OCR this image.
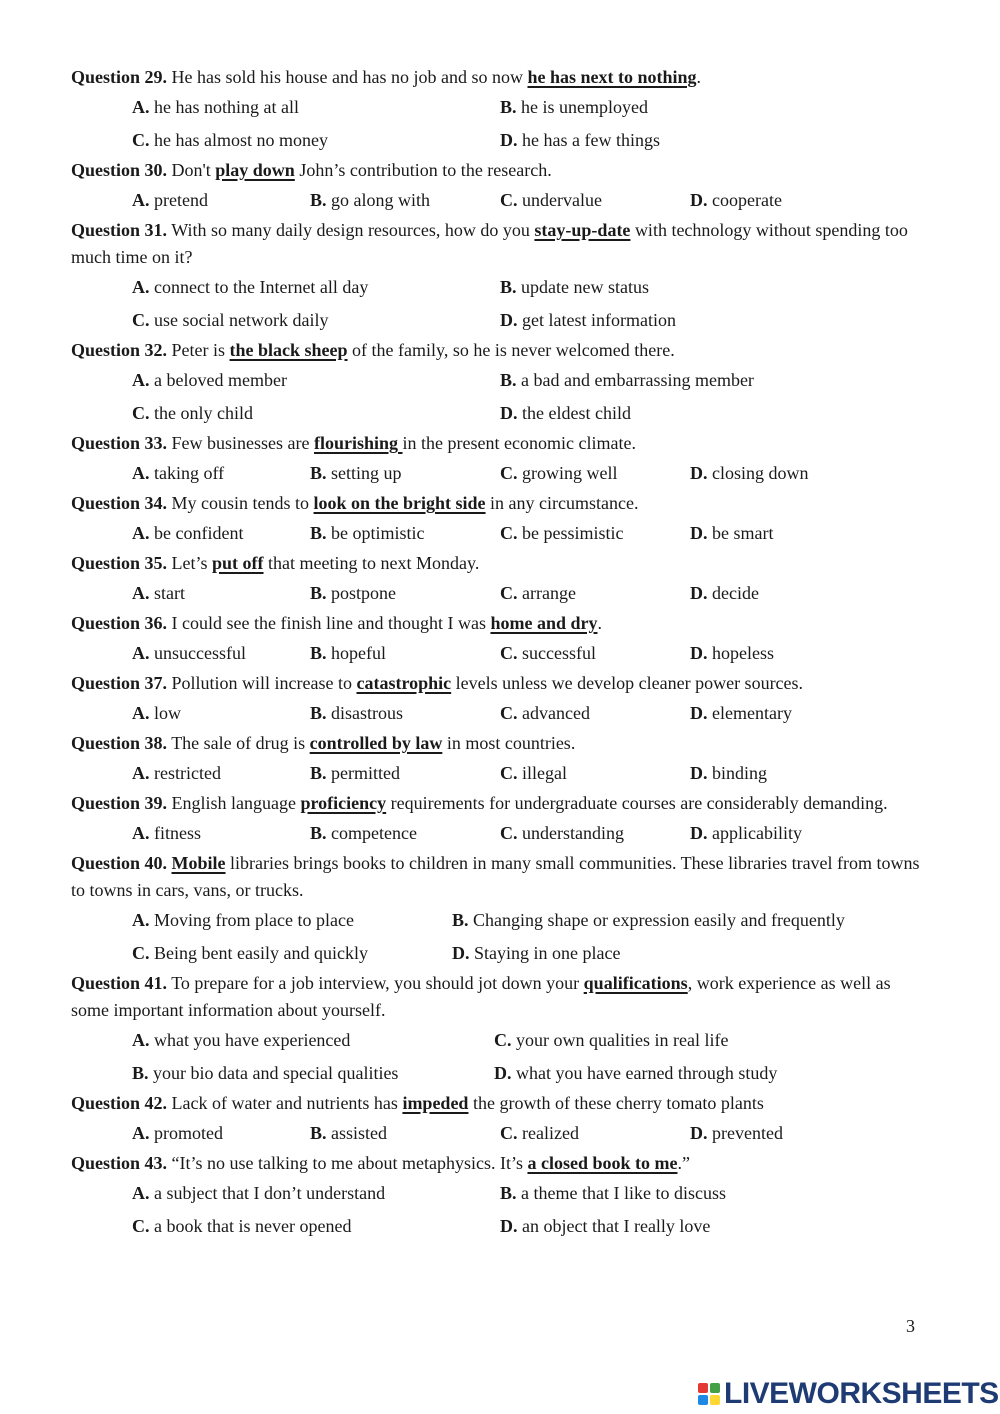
Question 29. He has sold his house and has no job and so now he has next to nothing.

A. he has nothing at all	B. he is unemployed
C. he has almost no money	D. he has a few things

Question 30. Don't play down John’s contribution to the research.

A. pretend	B. go along with	C. undervalue	D. cooperate

Question 31. With so many daily design resources, how do you stay-up-date with technology without spending too much time on it?

A. connect to the Internet all day	B. update new status
C. use social network daily	D. get latest information

Question 32. Peter is the black sheep of the family, so he is never welcomed there.

A. a beloved member	B. a bad and embarrassing member
C. the only child	D. the eldest child

Question 33. Few businesses are flourishing in the present economic climate.

A. taking off	B. setting up	C. growing well	D. closing down

Question 34. My cousin tends to look on the bright side in any circumstance.

A. be confident	B. be optimistic	C. be pessimistic	D. be smart

Question 35. Let’s put off that meeting to next Monday.

A. start	B. postpone	C. arrange	D. decide

Question 36. I could see the finish line and thought I was home and dry.

A. unsuccessful	B. hopeful	C. successful	D. hopeless

Question 37. Pollution will increase to catastrophic levels unless we develop cleaner power sources.

A. low	B. disastrous	C. advanced	D. elementary

Question 38. The sale of drug is controlled by law in most countries.

A. restricted	B. permitted	C. illegal	D. binding

Question 39. English language proficiency requirements for undergraduate courses are considerably demanding.

A. fitness	B. competence	C. understanding	D. applicability

Question 40. Mobile libraries brings books to children in many small communities. These libraries travel from towns to towns in cars, vans, or trucks.

A. Moving from place to place	B. Changing shape or expression easily and frequently
C. Being bent easily and quickly	D. Staying in one place

Question 41. To prepare for a job interview, you should jot down your qualifications, work experience as well as some important information about yourself.

A. what you have experienced	C. your own qualities in real life
B. your bio data and special qualities	D. what you have earned through study

Question 42. Lack of water and nutrients has impeded the growth of these cherry tomato plants

A. promoted	B. assisted	C. realized	D. prevented

Question 43. “It’s no use talking to me about metaphysics. It’s a closed book to me.”

A. a subject that I don’t understand	B. a theme that I like to discuss
C. a book that is never opened	D. an object that I really love
3
LIVEWORKSHEETS
